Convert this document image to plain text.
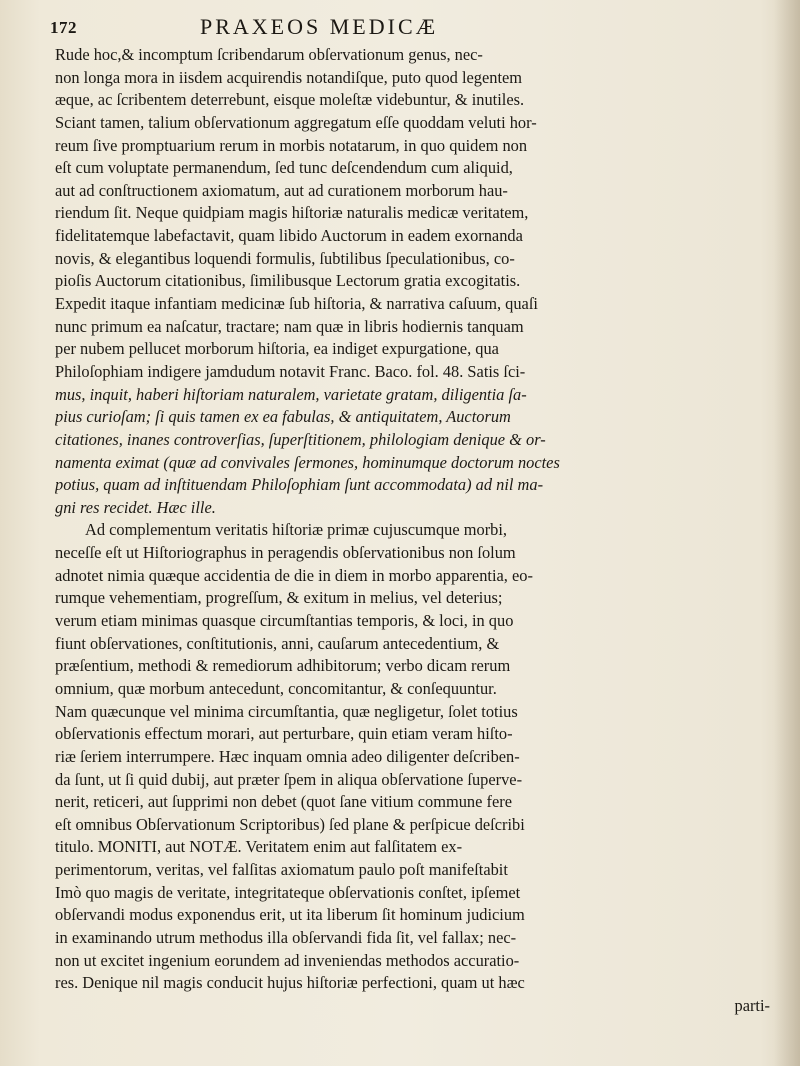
172	PRAXEOS MEDICÆ
Rude hoc,& incomptum ſcribendarum obſervationum genus, nec-
non longa mora in iisdem acquirendis notandiſque, puto quod legentem
æque, ac ſcribentem deterrebunt, eisque moleſtæ videbuntur, & inutiles.
Sciant tamen, talium obſervationum aggregatum eſſe quoddam veluti hor-
reum ſive promptuarium rerum in morbis notatarum, in quo quidem non
eſt cum voluptate permanendum, ſed tunc deſcendendum cum aliquid,
aut ad conſtructionem axiomatum, aut ad curationem morborum hau-
riendum ſit. Neque quidpiam magis hiſtoriæ naturalis medicæ veritatem,
fidelitatemque labefactavit, quam libido Auctorum in eadem exornanda
novis, & elegantibus loquendi formulis, ſubtilibus ſpeculationibus, co-
pioſis Auctorum citationibus, ſimilibusque Lectorum gratia excogitatis.
Expedit itaque infantiam medicinæ ſub hiſtoria, & narrativa caſuum, quaſi
nunc primum ea naſcatur, tractare; nam quæ in libris hodiernis tanquam
per nubem pellucet morborum hiſtoria, ea indiget expurgatione, qua
Philoſophiam indigere jamdudum notavit Franc. Baco. fol. 48. Satis ſci-
mus, inquit, haberi hiſtoriam naturalem, varietate gratam, diligentia ſa-
pius curioſam; ſi quis tamen ex ea fabulas, & antiquitatem, Auctorum
citationes, inanes controverſias, ſuperſtitionem, philologiam denique & or-
namenta eximat (quæ ad convivales ſermones, hominumque doctorum noctes
potius, quam ad inſtituendam Philoſophiam ſunt accommodata) ad nil ma-
gni res recidet. Hæc ille.
Ad complementum veritatis hiſtoriæ primæ cujuscumque morbi,
neceſſe eſt ut Hiſtoriographus in peragendis obſervationibus non ſolum
adnotet nimia quæque accidentia de die in diem in morbo apparentia, eo-
rumque vehementiam, progreſſum, & exitum in melius, vel deterius;
verum etiam minimas quasque circumſtantias temporis, & loci, in quo
fiunt obſervationes, conſtitutionis, anni, cauſarum antecedentium, &
præſentium, methodi & remediorum adhibitorum; verbo dicam rerum
omnium, quæ morbum antecedunt, concomitantur, & conſequuntur.
Nam quæcunque vel minima circumſtantia, quæ negligetur, ſolet totius
obſervationis effectum morari, aut perturbare, quin etiam veram hiſto-
riæ ſeriem interrumpere. Hæc inquam omnia adeo diligenter deſcriben-
da ſunt, ut ſi quid dubij, aut præter ſpem in aliqua obſervatione ſuperve-
nerit, reticeri, aut ſupprimi non debet (quot ſane vitium commune fere
eſt omnibus Obſervationum Scriptoribus) ſed plane & perſpicue deſcribi
titulo. MONITI, aut NOTÆ. Veritatem enim aut falſitatem ex-
perimentorum, veritas, vel falſitas axiomatum paulo poſt manifeſtabit
Imò quo magis de veritate, integritateque obſervationis conſtet, ipſemet
obſervandi modus exponendus erit, ut ita liberum ſit hominum judicium
in examinando utrum methodus illa obſervandi fida ſit, vel fallax; nec-
non ut excitet ingenium eorundem ad inveniendas methodos accuratio-
res. Denique nil magis conducit hujus hiſtoriæ perfectioni, quam ut hæc
parti-
